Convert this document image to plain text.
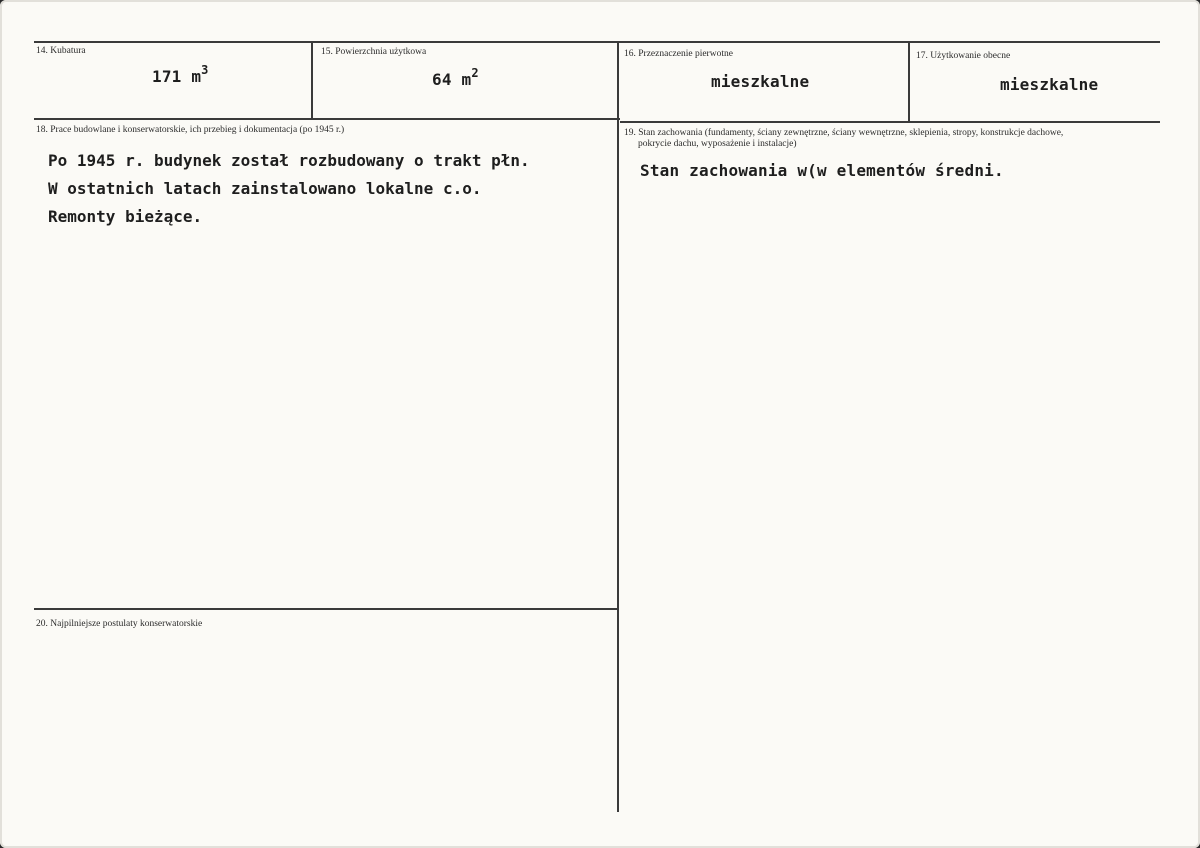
14. Kubatura
171 $m^3$
15. Powierzchnia użytkowa
64 $m^2$
16. Przeznaczenie pierwotne
mieszkalne
17. Użytkowanie obecne
mieszkalne
18. Prace budowlane i konserwatorskie, ich przebieg i dokumentacja (po 1945 r.)
Po 1945 r. budynek został rozbudowany o trakt płn.
W ostatnich latach zainstalowano lokalne c.o.
Remonty bieżące.
19. Stan zachowania (fundamenty, ściany zewnętrzne, ściany wewnętrzne, sklepienia, stropy, konstrukcje dachowe,
pokrycie dachu, wyposażenie i instalacje)
Stan zachowania w(w elementów średni.
20. Najpilniejsze postulaty konserwatorskie
